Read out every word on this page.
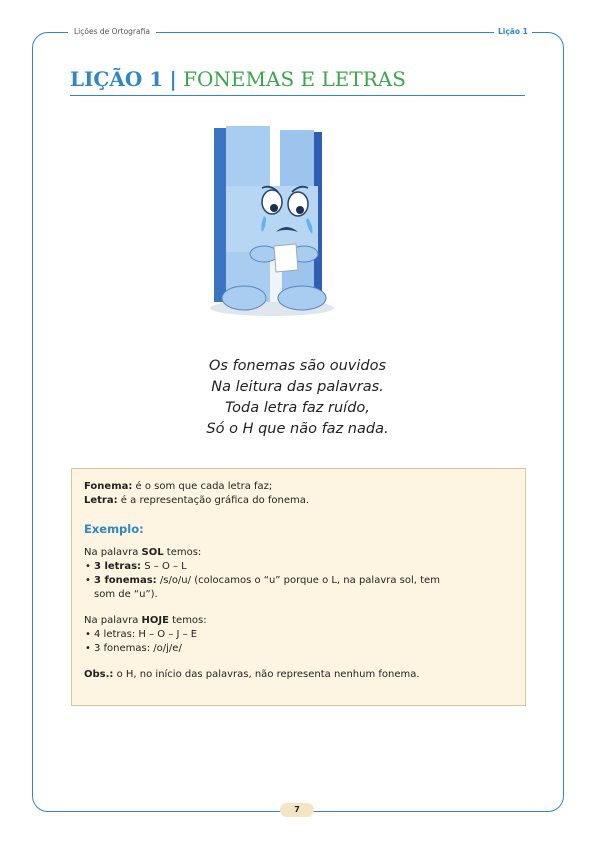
Lições de Ortografia	Lição 1
LIÇÃO 1 | FONEMAS E LETRAS
Os fonemas são ouvidos
Na leitura das palavras.
Toda letra faz ruído,
Só o H que não faz nada.

Fonema: é o som que cada letra faz;

Letra: é a representação gráfica do fonema.

Exemplo:

Na palavra SOL temos:

• 3 letras: S – O – L
• 3 fonemas: /s/o/u/ (colocamos o “u” porque o L, na palavra sol, tem
som de “u”).

Na palavra HOJE temos:

• 4 letras: H – O – J – E
• 3 fonemas: /o/j/e/

Obs.: o H, no início das palavras, não representa nenhum fonema.

7
